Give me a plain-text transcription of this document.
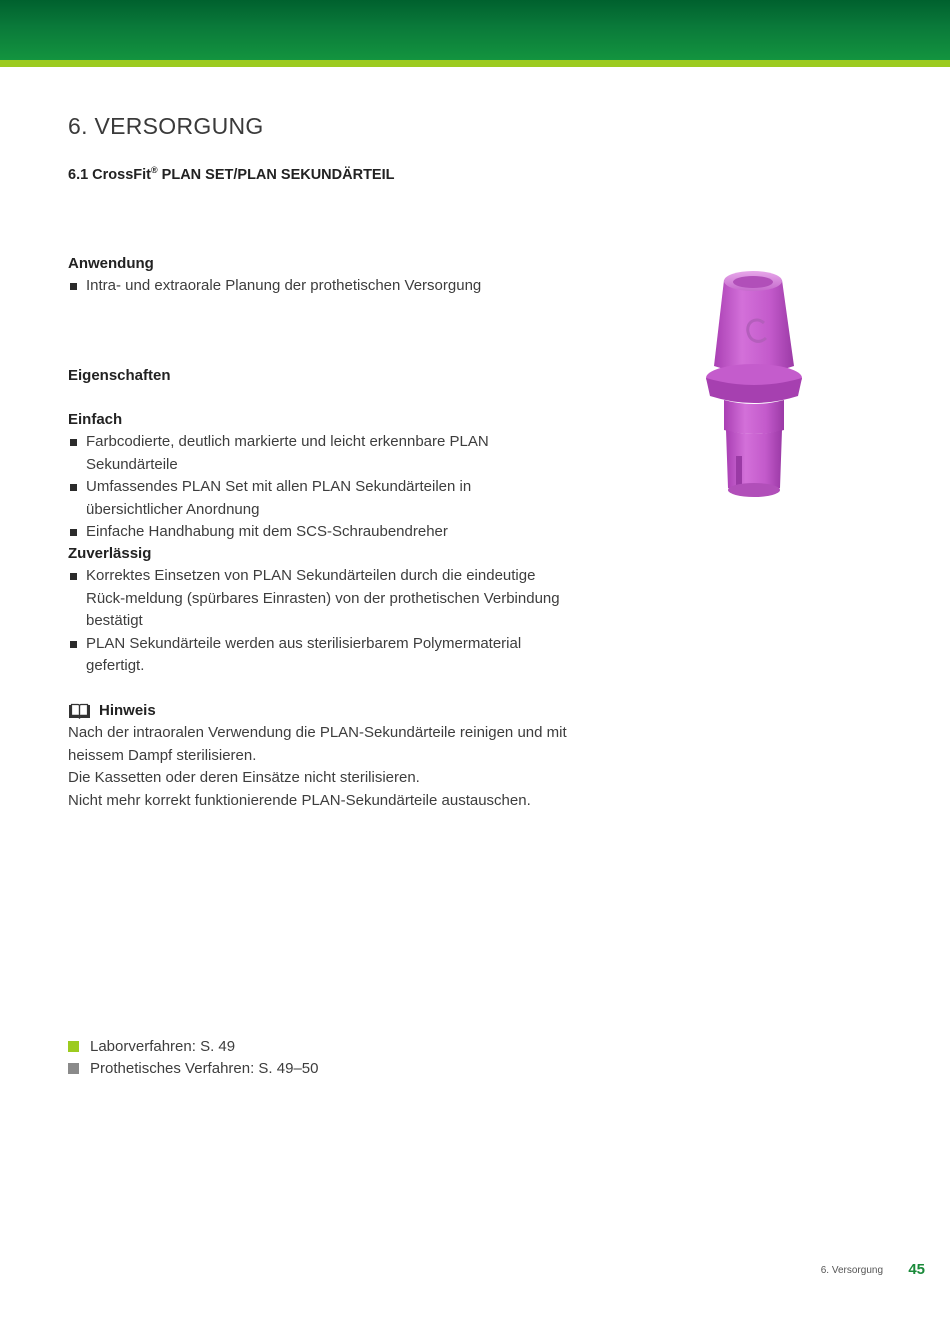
6. VERSORGUNG
6.1 CrossFit® PLAN SET/PLAN SEKUNDÄRTEIL

Anwendung

Intra- und extraorale Planung der prothetischen Versorgung

Eigenschaften

Einfach

Farbcodierte, deutlich markierte und leicht erkennbare PLAN Sekundärteile
Umfassendes PLAN Set mit allen PLAN Sekundärteilen in übersichtlicher Anordnung
Einfache Handhabung mit dem SCS-Schraubendreher

Zuverlässig

Korrektes Einsetzen von PLAN Sekundärteilen durch die eindeutige Rück-meldung (spürbares Einrasten) von der prothetischen Verbindung bestätigt
PLAN Sekundärteile werden aus sterilisierbarem Polymermaterial gefertigt.
Hinweis

Nach der intraoralen Verwendung die PLAN-Sekundärteile reinigen und mit

heissem Dampf sterilisieren.

Die Kassetten oder deren Einsätze nicht sterilisieren.

Nicht mehr korrekt funktionierende PLAN-Sekundärteile austauschen.

Laborverfahren: S. 49
Prothetisches Verfahren: S. 49–50
6. Versorgung 45
